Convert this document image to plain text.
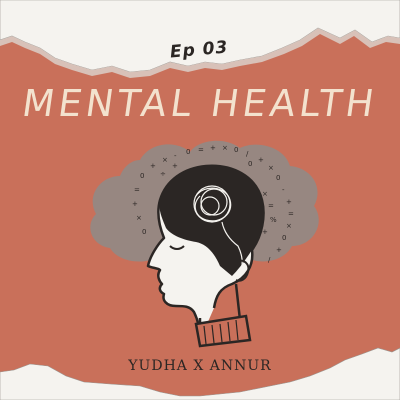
+
× - 0 = + × 0 /
+
×
0
-
+
=
×
0
+
/
0
=
+
×
0
%
+
÷
+	0
×
=
Ep 03
MENTAL HEALTH
YUDHA X ANNUR
